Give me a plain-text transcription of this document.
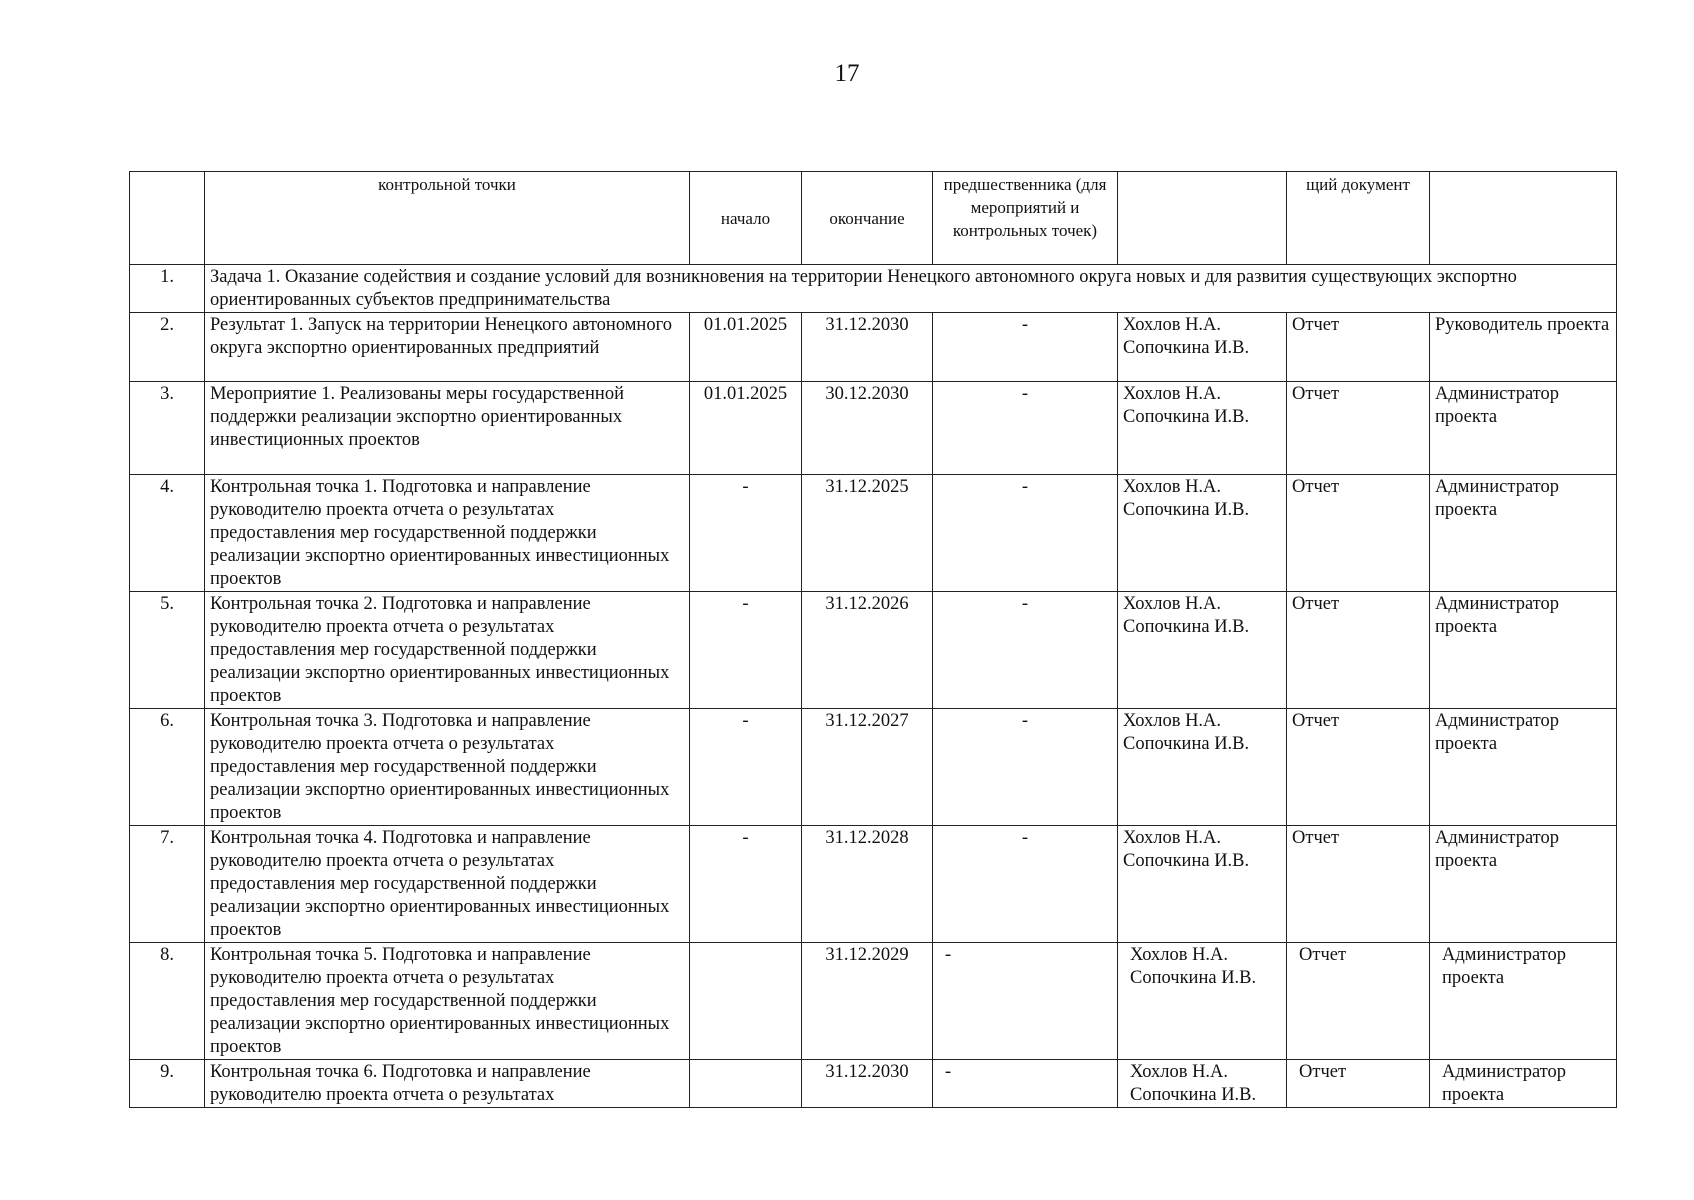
17
	контрольной точки	начало	окончание	предшественника (для мероприятий и контрольных точек)		щий документ	
1.	Задача 1. Оказание содействия и создание условий для возникновения на территории Ненецкого автономного округа новых и для развития существующих экспортно ориентированных субъектов предпринимательства						
2.	Результат 1. Запуск на территории Ненецкого автономного округа экспортно ориентированных предприятий	01.01.2025	31.12.2030	-	Хохлов Н.А. Сопочкина И.В.	Отчет	Руководитель проекта
3.	Мероприятие 1. Реализованы меры государственной поддержки реализации экспортно ориентированных инвестиционных проектов	01.01.2025	30.12.2030	-	Хохлов Н.А. Сопочкина И.В.	Отчет	Администратор проекта
4.	Контрольная точка 1. Подготовка и направление руководителю проекта отчета о результатах предоставления мер государственной поддержки реализации экспортно ориентированных инвестиционных проектов	-	31.12.2025	-	Хохлов Н.А. Сопочкина И.В.	Отчет	Администратор проекта
5.	Контрольная точка 2. Подготовка и направление руководителю проекта отчета о результатах предоставления мер государственной поддержки реализации экспортно ориентированных инвестиционных проектов	-	31.12.2026	-	Хохлов Н.А. Сопочкина И.В.	Отчет	Администратор проекта
6.	Контрольная точка 3. Подготовка и направление руководителю проекта отчета о результатах предоставления мер государственной поддержки реализации экспортно ориентированных инвестиционных проектов	-	31.12.2027	-	Хохлов Н.А. Сопочкина И.В.	Отчет	Администратор проекта
7.	Контрольная точка 4. Подготовка и направление руководителю проекта отчета о результатах предоставления мер государственной поддержки реализации экспортно ориентированных инвестиционных проектов	-	31.12.2028	-	Хохлов Н.А. Сопочкина И.В.	Отчет	Администратор проекта
8.	Контрольная точка 5. Подготовка и направление руководителю проекта отчета о результатах предоставления мер государственной поддержки реализации экспортно ориентированных инвестиционных проектов		31.12.2029	-	Хохлов Н.А. Сопочкина И.В.	Отчет	Администратор проекта
9.	Контрольная точка 6. Подготовка и направление руководителю проекта отчета о результатах		31.12.2030	-	Хохлов Н.А. Сопочкина И.В.	Отчет	Администратор проекта
